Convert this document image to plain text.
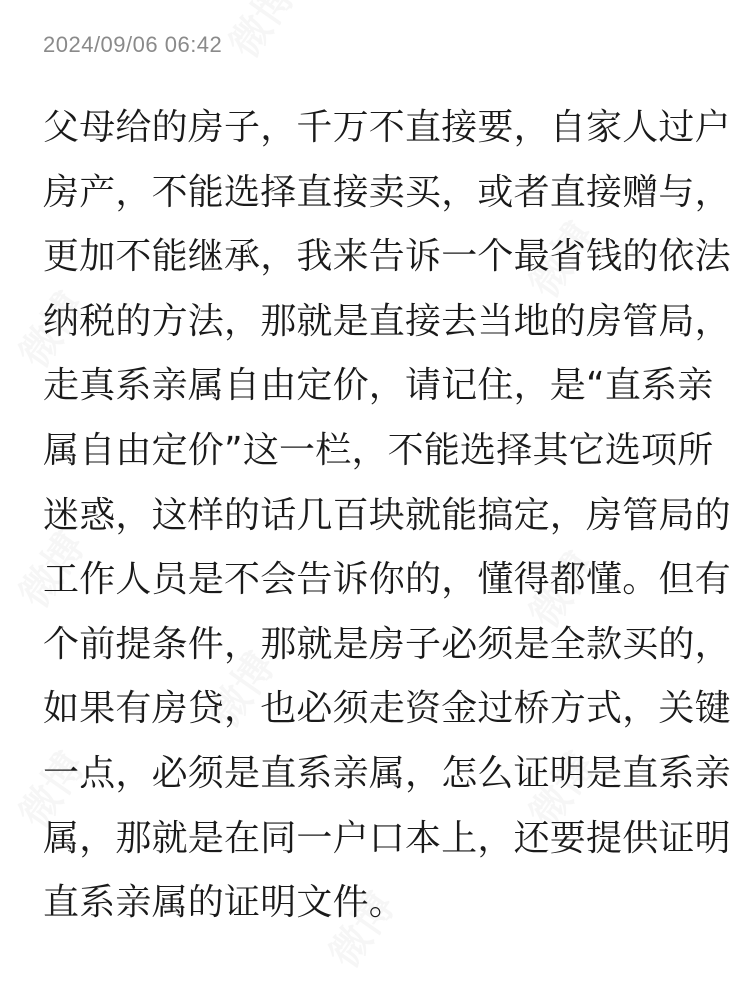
2024/09/06 06:42
父母给的房子，千万不直接要，自家人过户
房产，不能选择直接卖买，或者直接赠与，
更加不能继承，我来告诉一个最省钱的依法
纳税的方法，那就是直接去当地的房管局，
走真系亲属自由定价，请记住，是“直系亲
属自由定价”这一栏，不能选择其它选项所
迷惑，这样的话几百块就能搞定，房管局的
工作人员是不会告诉你的，懂得都懂。但有
个前提条件，那就是房子必须是全款买的，
如果有房贷，也必须走资金过桥方式，关键
一点，必须是直系亲属，怎么证明是直系亲
属，那就是在同一户口本上，还要提供证明
直系亲属的证明文件。
